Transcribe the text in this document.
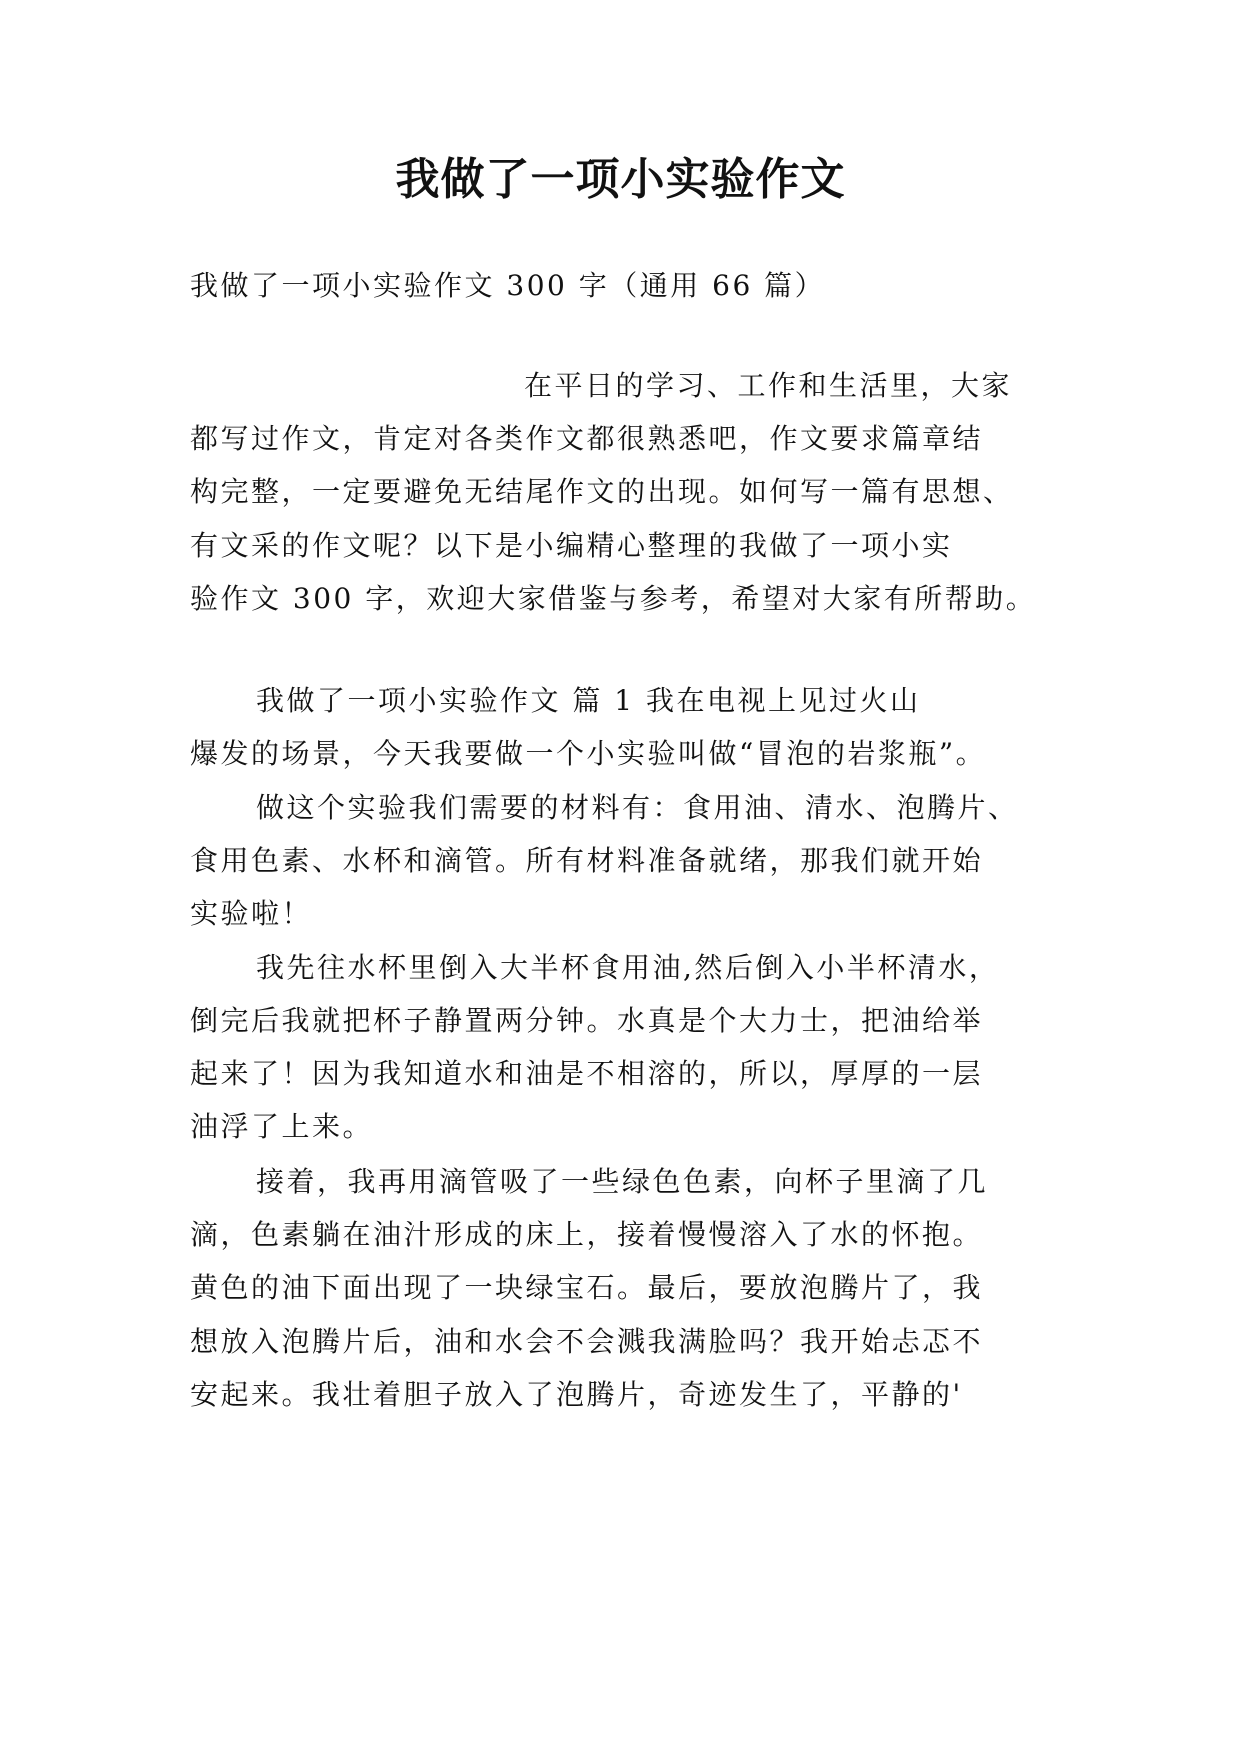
我做了一项小实验作文
我做了一项小实验作文 300 字（通用 66 篇）
在平日的学习、工作和生活里，大家
都写过作文，肯定对各类作文都很熟悉吧，作文要求篇章结
构完整，一定要避免无结尾作文的出现。如何写一篇有思想、
有文采的作文呢？以下是小编精心整理的我做了一项小实
验作文 300 字，欢迎大家借鉴与参考，希望对大家有所帮助。
我做了一项小实验作文 篇 1 我在电视上见过火山
爆发的场景，今天我要做一个小实验叫做“冒泡的岩浆瓶”。
做这个实验我们需要的材料有：食用油、清水、泡腾片、
食用色素、水杯和滴管。所有材料准备就绪，那我们就开始
实验啦！
我先往水杯里倒入大半杯食用油,然后倒入小半杯清水，
倒完后我就把杯子静置两分钟。水真是个大力士，把油给举
起来了！因为我知道水和油是不相溶的，所以，厚厚的一层
油浮了上来。
接着，我再用滴管吸了一些绿色色素，向杯子里滴了几
滴，色素躺在油汁形成的床上，接着慢慢溶入了水的怀抱。
黄色的油下面出现了一块绿宝石。最后，要放泡腾片了，我
想放入泡腾片后，油和水会不会溅我满脸吗？我开始忐忑不
安起来。我壮着胆子放入了泡腾片，奇迹发生了，平静的'
